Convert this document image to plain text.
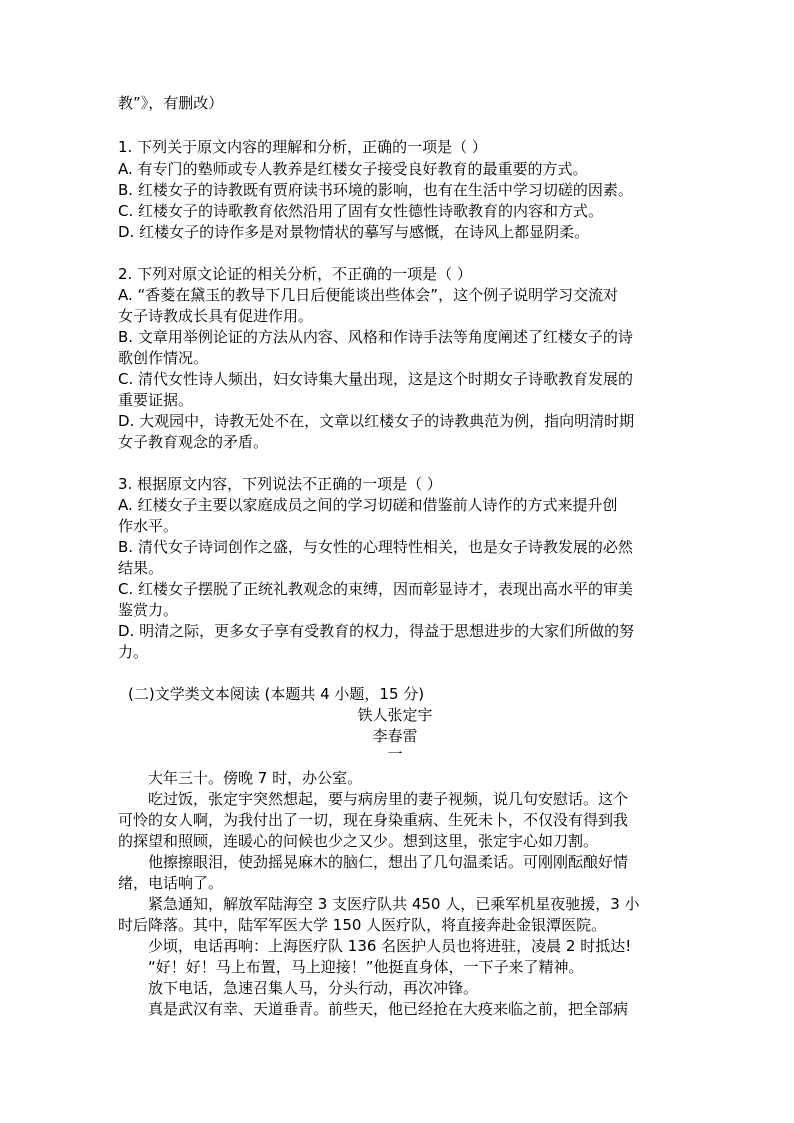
教”》，有删改）
1. 下列关于原文内容的理解和分析，正确的一项是（ ）
A. 有专门的塾师或专人教养是红楼女子接受良好教育的最重要的方式。
B. 红楼女子的诗教既有贾府读书环境的影响，也有在生活中学习切磋的因素。
C. 红楼女子的诗歌教育依然沿用了固有女性德性诗歌教育的内容和方式。
D. 红楼女子的诗作多是对景物情状的摹写与感慨，在诗风上都显阴柔。
2. 下列对原文论证的相关分析，不正确的一项是（ ）
A. “香菱在黛玉的教导下几日后便能谈出些体会”，这个例子说明学习交流对
女子诗教成长具有促进作用。
B. 文章用举例论证的方法从内容、风格和作诗手法等角度阐述了红楼女子的诗
歌创作情况。
C. 清代女性诗人频出，妇女诗集大量出现，这是这个时期女子诗歌教育发展的
重要证据。
D. 大观园中，诗教无处不在，文章以红楼女子的诗教典范为例，指向明清时期
女子教育观念的矛盾。
3. 根据原文内容，下列说法不正确的一项是（ ）
A. 红楼女子主要以家庭成员之间的学习切磋和借鉴前人诗作的方式来提升创
作水平。
B. 清代女子诗词创作之盛，与女性的心理特性相关，也是女子诗教发展的必然
结果。
C. 红楼女子摆脱了正统礼教观念的束缚，因而彰显诗才，表现出高水平的审美
鉴赏力。
D. 明清之际，更多女子享有受教育的权力，得益于思想进步的大家们所做的努
力。
(二)文学类文本阅读 (本题共 4 小题，15 分)
铁人张定宇
李春雷
一
大年三十。傍晚 7 时，办公室。
吃过饭，张定宇突然想起，要与病房里的妻子视频，说几句安慰话。这个
可怜的女人啊，为我付出了一切，现在身染重病、生死未卜，不仅没有得到我
的探望和照顾，连暖心的问候也少之又少。想到这里，张定宇心如刀割。
他擦擦眼泪，使劲摇晃麻木的脑仁，想出了几句温柔话。可刚刚酝酿好情
绪，电话响了。
紧急通知，解放军陆海空 3 支医疗队共 450 人，已乘军机星夜驰援，3 小
时后降落。其中，陆军军医大学 150 人医疗队，将直接奔赴金银潭医院。
少顷，电话再响：上海医疗队 136 名医护人员也将进驻，凌晨 2 时抵达!
“好！好！马上布置，马上迎接！”他挺直身体，一下子来了精神。
放下电话，急速召集人马，分头行动，再次冲锋。
真是武汉有幸、天道垂青。前些天，他已经抢在大疫来临之前，把全部病
